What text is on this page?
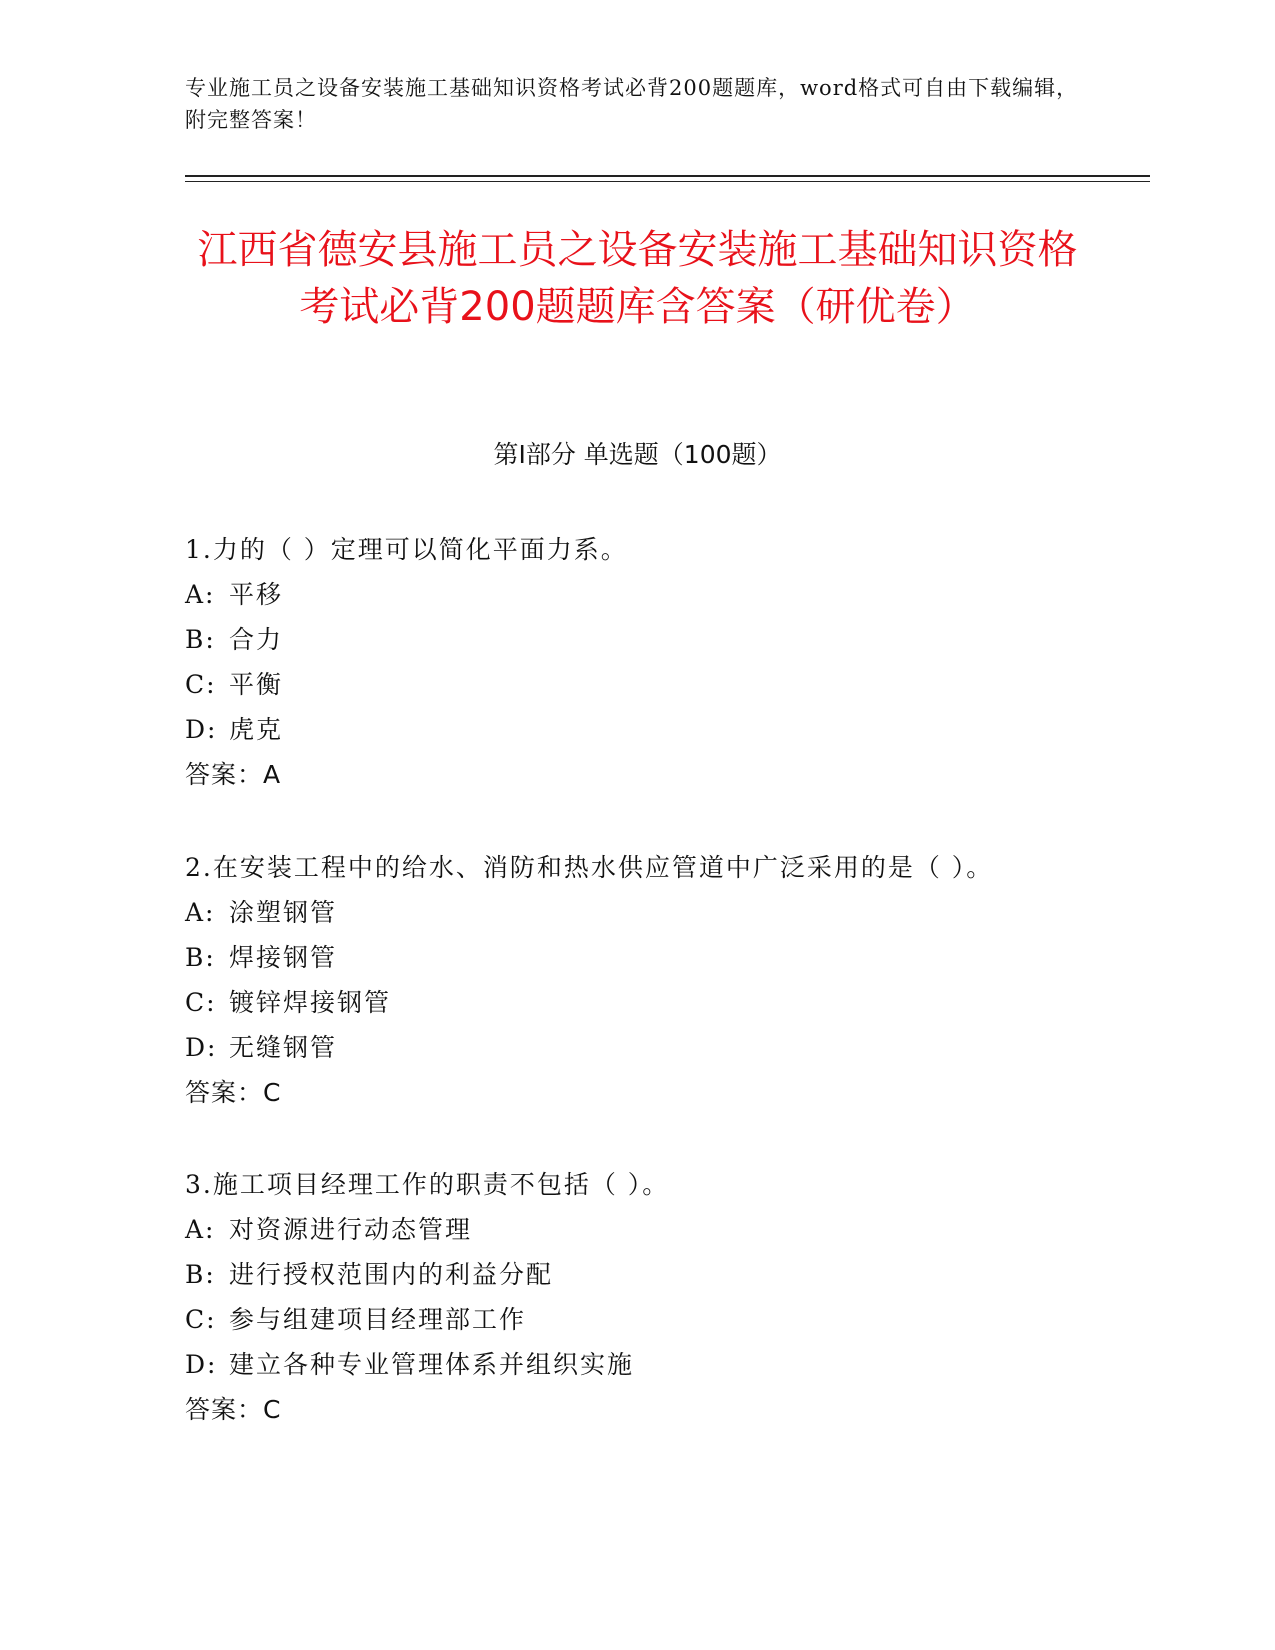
专业施工员之设备安装施工基础知识资格考试必背200题题库，word格式可自由下载编辑，附完整答案！
江西省德安县施工员之设备安装施工基础知识资格考试必背200题题库含答案（研优卷）
第Ⅰ部分 单选题（100题）
1.力的（ ）定理可以简化平面力系。
A: 平移
B: 合力
C: 平衡
D: 虎克
答案：A
2.在安装工程中的给水、消防和热水供应管道中广泛采用的是（ ）。
A: 涂塑钢管
B: 焊接钢管
C: 镀锌焊接钢管
D: 无缝钢管
答案：C
3.施工项目经理工作的职责不包括（ ）。
A: 对资源进行动态管理
B: 进行授权范围内的利益分配
C: 参与组建项目经理部工作
D: 建立各种专业管理体系并组织实施
答案：C
